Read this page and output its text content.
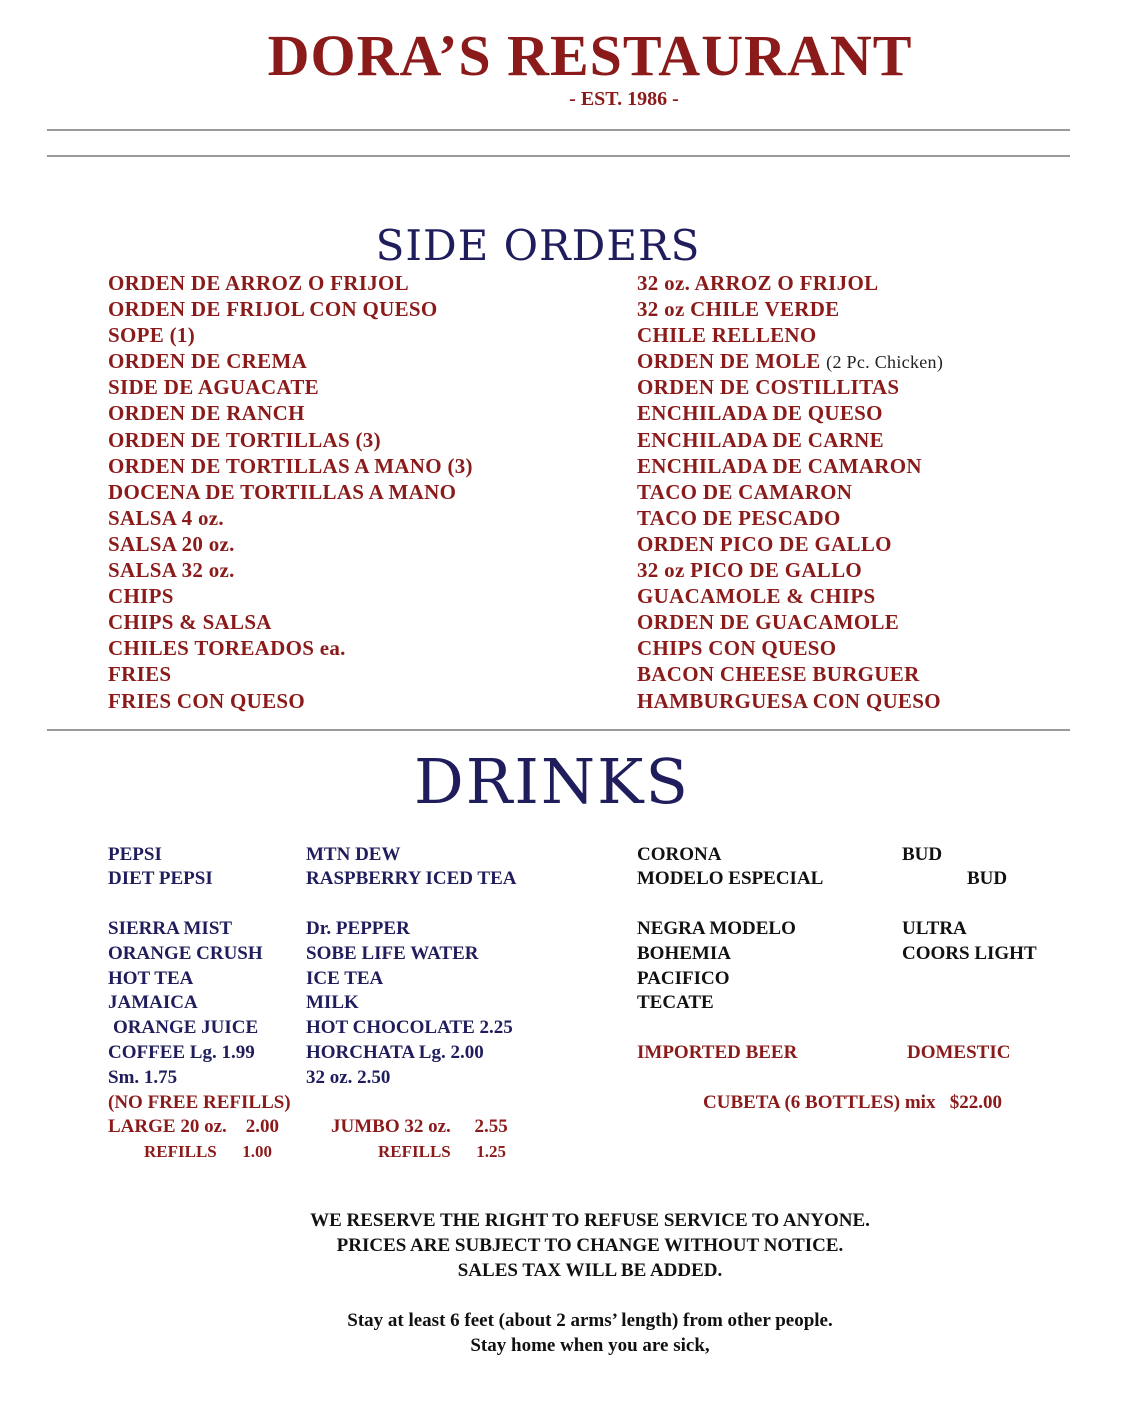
DORA’S RESTAURANT
- EST. 1986 -
SIDE ORDERS
ORDEN DE ARROZ O FRIJOL
ORDEN DE FRIJOL CON QUESO
SOPE (1)
ORDEN DE CREMA
SIDE DE AGUACATE
ORDEN DE RANCH
ORDEN DE TORTILLAS (3)
ORDEN DE TORTILLAS A MANO (3)
DOCENA DE TORTILLAS A MANO
SALSA 4 oz.
SALSA 20 oz.
SALSA 32 oz.
CHIPS
CHIPS & SALSA
CHILES TOREADOS ea.
FRIES
FRIES CON QUESO
32 oz. ARROZ O FRIJOL
32 oz CHILE VERDE
CHILE RELLENO
ORDEN DE MOLE (2 Pc. Chicken)
ORDEN DE COSTILLITAS
ENCHILADA DE QUESO
ENCHILADA DE CARNE
ENCHILADA DE CAMARON
TACO DE CAMARON
TACO DE PESCADO
ORDEN PICO DE GALLO
32 oz PICO DE GALLO
GUACAMOLE & CHIPS
ORDEN DE GUACAMOLE
CHIPS CON QUESO
BACON CHEESE BURGUER
HAMBURGUESA CON QUESO
DRINKS
PEPSI
DIET PEPSI
SIERRA MIST
ORANGE CRUSH
HOT TEA
JAMAICA
ORANGE JUICE
COFFEE Lg. 1.99
Sm. 1.75
MTN DEW
RASPBERRY ICED TEA
Dr. PEPPER
SOBE LIFE WATER
ICE TEA
MILK
HOT CHOCOLATE 2.25
HORCHATA Lg. 2.00
32 oz. 2.50
(NO FREE REFILLS)
LARGE 20 oz.    2.00
REFILLS      1.00
JUMBO 32 oz.     2.55
REFILLS      1.25
CORONA
MODELO ESPECIAL
NEGRA MODELO
BOHEMIA
PACIFICO
TECATE
BUD
BUD
ULTRA
COORS LIGHT
IMPORTED BEER	DOMESTIC
CUBETA (6 BOTTLES) mix   $22.00
WE RESERVE THE RIGHT TO REFUSE SERVICE TO ANYONE.
PRICES ARE SUBJECT TO CHANGE WITHOUT NOTICE.
SALES TAX WILL BE ADDED.
Stay at least 6 feet (about 2 arms’ length) from other people.
Stay home when you are sick,
